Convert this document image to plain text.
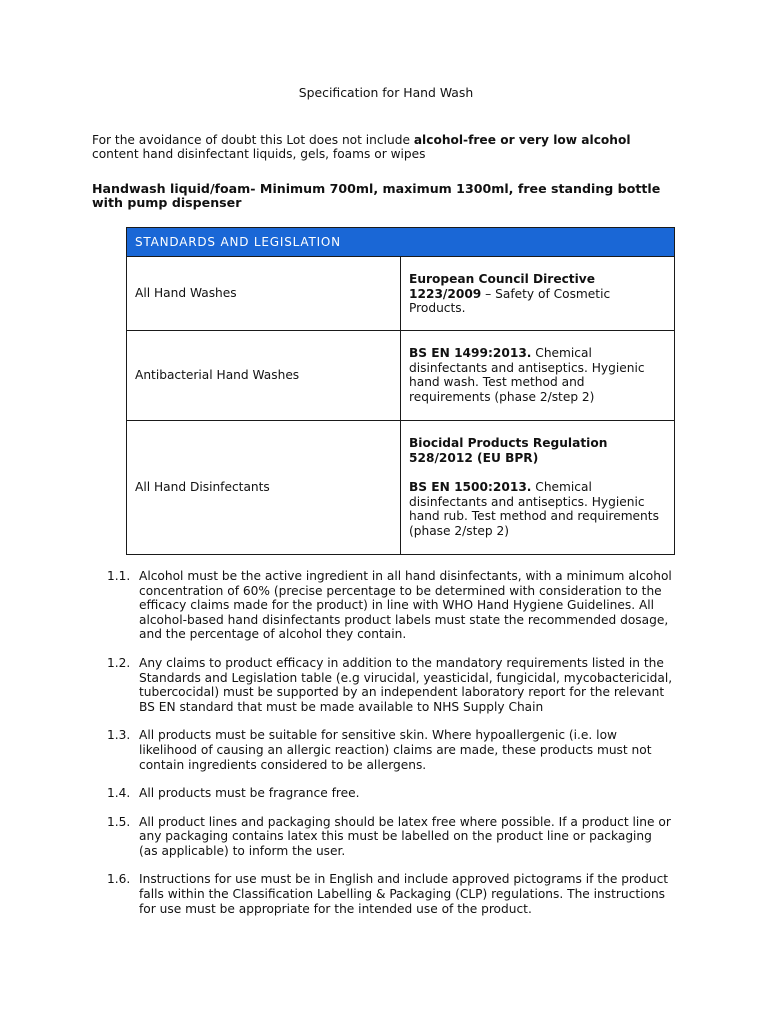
Specification for Hand Wash

For the avoidance of doubt this Lot does not include alcohol-free or very low alcohol content hand disinfectant liquids, gels, foams or wipes

Handwash liquid/foam- Minimum 700ml, maximum 1300ml, free standing bottle with pump dispenser

STANDARDS AND LEGISLATION	
All Hand Washes	European Council Directive 1223/2009 – Safety of Cosmetic Products.

Antibacterial Hand Washes	BS EN 1499:2013. Chemical disinfectants and antiseptics. Hygienic hand wash. Test method and requirements (phase 2/step 2)

All Hand Disinfectants	Biocidal Products Regulation 528/2012 (EU BPR)

BS EN 1500:2013. Chemical disinfectants and antiseptics. Hygienic hand rub. Test method and requirements (phase 2/step 2)

1.1. Alcohol must be the active ingredient in all hand disinfectants, with a minimum alcohol concentration of 60% (precise percentage to be determined with consideration to the efficacy claims made for the product) in line with WHO Hand Hygiene Guidelines. All alcohol-based hand disinfectants product labels must state the recommended dosage, and the percentage of alcohol they contain.
1.2. Any claims to product efficacy in addition to the mandatory requirements listed in the Standards and Legislation table (e.g virucidal, yeasticidal, fungicidal, mycobactericidal, tubercocidal) must be supported by an independent laboratory report for the relevant BS EN standard that must be made available to NHS Supply Chain
1.3. All products must be suitable for sensitive skin. Where hypoallergenic (i.e. low likelihood of causing an allergic reaction) claims are made, these products must not contain ingredients considered to be allergens.
1.4. All products must be fragrance free.
1.5. All product lines and packaging should be latex free where possible. If a product line or any packaging contains latex this must be labelled on the product line or packaging (as applicable) to inform the user.
1.6. Instructions for use must be in English and include approved pictograms if the product falls within the Classification Labelling & Packaging (CLP) regulations. The instructions for use must be appropriate for the intended use of the product.
